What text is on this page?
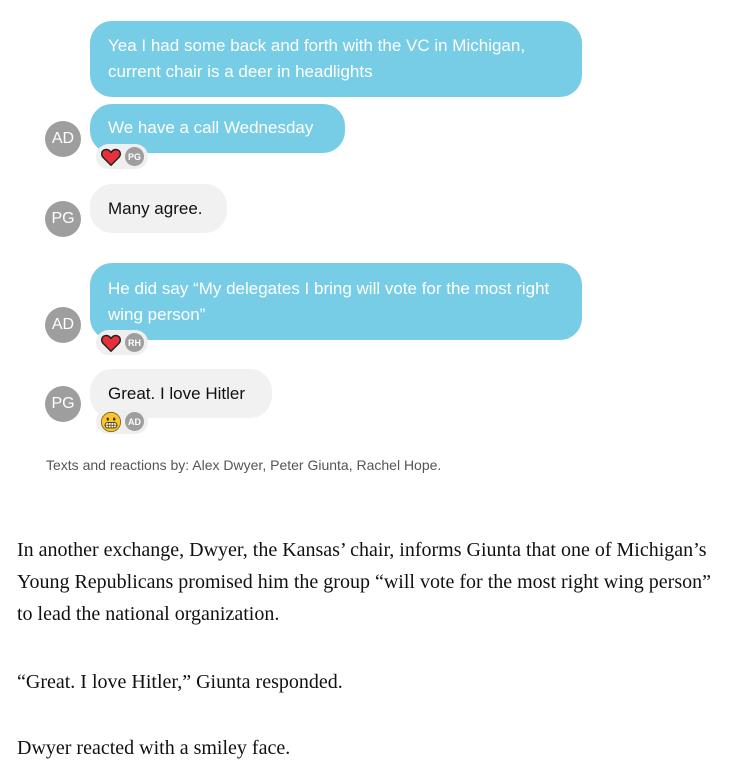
Yea I had some back and forth with the VC in Michigan, current chair is a deer in headlights
AD
We have a call Wednesday
PG
PG
Many agree.
AD
He did say “My delegates I bring will vote for the most right wing person”
RH
PG
Great. I love Hitler
AD
Texts and reactions by: Alex Dwyer, Peter Giunta, Rachel Hope.

In another exchange, Dwyer, the Kansas’ chair, informs Giunta that one of Michigan’s Young Republicans promised him the group “will vote for the most right wing person” to lead the national organization.

“Great. I love Hitler,” Giunta responded.

Dwyer reacted with a smiley face.
